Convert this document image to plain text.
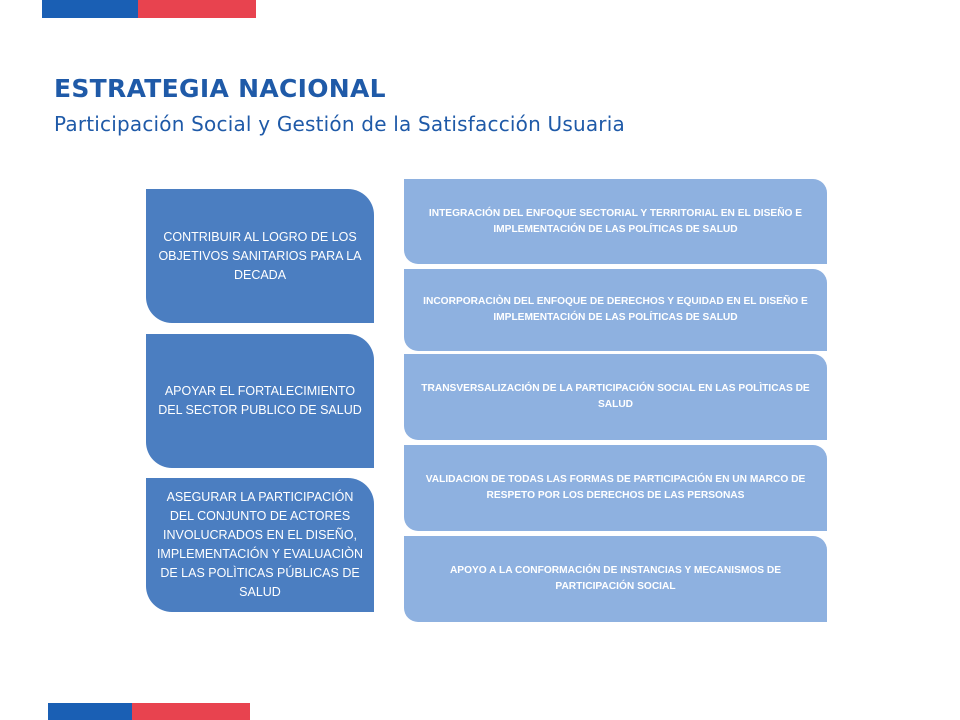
ESTRATEGIA NACIONAL
Participación Social y Gestión de la Satisfacción Usuaria
CONTRIBUIR AL LOGRO DE LOS OBJETIVOS SANITARIOS PARA LA DECADA
APOYAR EL FORTALECIMIENTO DEL SECTOR PUBLICO DE SALUD
ASEGURAR LA PARTICIPACIÓN DEL CONJUNTO DE ACTORES INVOLUCRADOS EN EL DISEÑO, IMPLEMENTACIÓN Y EVALUACIÒN DE LAS POLÌTICAS PÚBLICAS DE SALUD
INTEGRACIÓN DEL ENFOQUE SECTORIAL Y TERRITORIAL EN EL DISEÑO E IMPLEMENTACIÓN DE LAS POLÍTICAS DE SALUD
INCORPORACIÒN DEL ENFOQUE DE DERECHOS Y EQUIDAD EN EL DISEÑO E IMPLEMENTACIÓN DE LAS POLÍTICAS DE SALUD
TRANSVERSALIZACIÓN DE LA PARTICIPACIÓN SOCIAL EN LAS POLÌTICAS DE SALUD
VALIDACION DE TODAS LAS FORMAS DE PARTICIPACIÓN EN UN MARCO DE RESPETO POR LOS DERECHOS DE LAS PERSONAS
APOYO A LA CONFORMACIÓN DE INSTANCIAS Y MECANISMOS DE PARTICIPACIÓN SOCIAL
